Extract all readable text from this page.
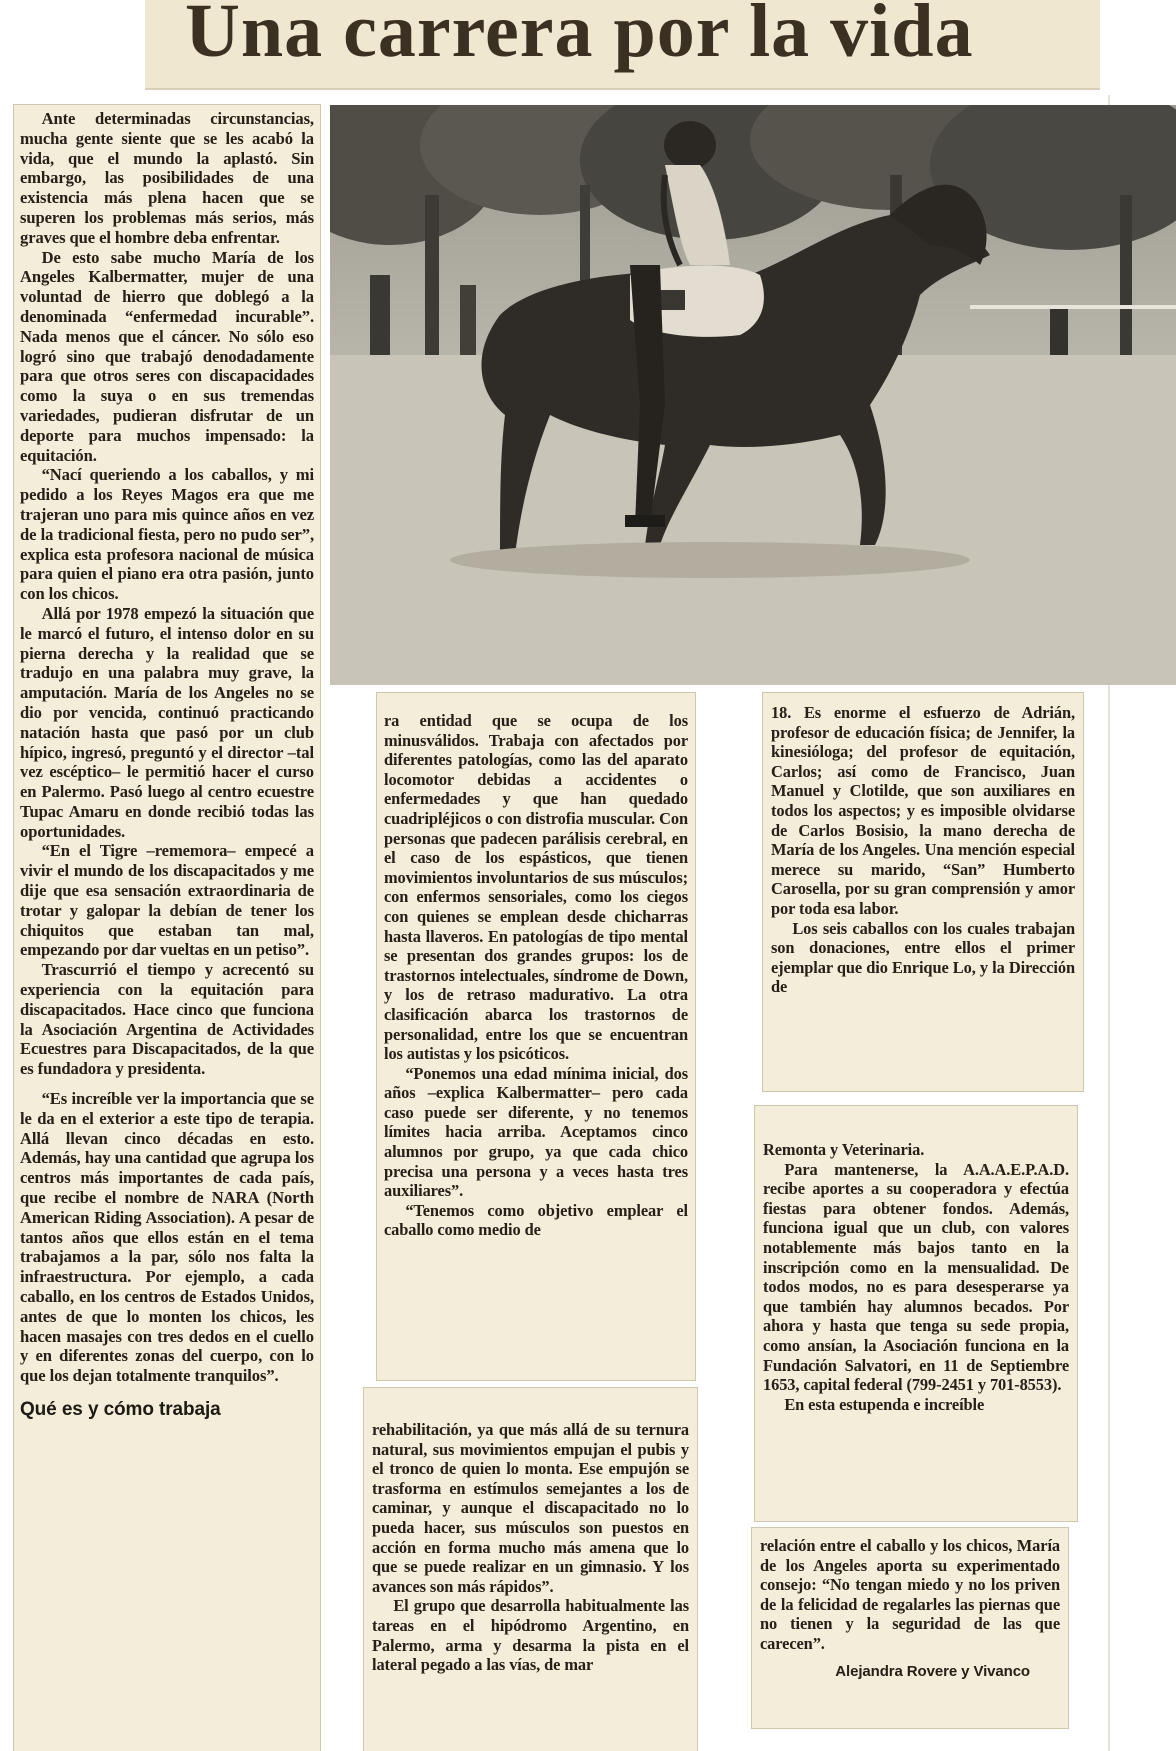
Una carrera por la vida

Ante determinadas circunstancias, mucha gente siente que se les acabó la vida, que el mundo la aplastó. Sin embargo, las posibilidades de una existencia más plena hacen que se superen los problemas más serios, más graves que el hombre deba enfrentar.

De esto sabe mucho María de los Angeles Kalbermatter, mujer de una voluntad de hierro que doblegó a la denominada “enfermedad incurable”. Nada menos que el cáncer. No sólo eso logró sino que trabajó denodadamente para que otros seres con discapacidades como la suya o en sus tremendas variedades, pudieran disfrutar de un deporte para muchos impensado: la equitación.

“Nací queriendo a los caballos, y mi pedido a los Reyes Magos era que me trajeran uno para mis quince años en vez de la tradicional fiesta, pero no pudo ser”, explica esta profesora nacional de música para quien el piano era otra pasión, junto con los chicos.

Allá por 1978 empezó la situación que le marcó el futuro, el intenso dolor en su pierna derecha y la realidad que se tradujo en una palabra muy grave, la amputación. María de los Angeles no se dio por vencida, continuó practicando natación hasta que pasó por un club hípico, ingresó, preguntó y el director –tal vez escéptico– le permitió hacer el curso en Palermo. Pasó luego al centro ecuestre Tupac Amaru en donde recibió todas las oportunidades.

“En el Tigre –rememora– empecé a vivir el mundo de los discapacitados y me dije que esa sensación extraordinaria de trotar y galopar la debían de tener los chiquitos que estaban tan mal, empezando por dar vueltas en un petiso”.

Trascurrió el tiempo y acrecentó su experiencia con la equitación para discapacitados. Hace cinco que funciona la Asociación Argentina de Actividades Ecuestres para Discapacitados, de la que es fundadora y presidenta.

“Es increíble ver la importancia que se le da en el exterior a este tipo de terapia. Allá llevan cinco décadas en esto. Además, hay una cantidad que agrupa los centros más importantes de cada país, que recibe el nombre de NARA (North American Riding Association). A pesar de tantos años que ellos están en el tema trabajamos a la par, sólo nos falta la infraestructura. Por ejemplo, a cada caballo, en los centros de Estados Unidos, antes de que lo monten los chicos, les hacen masajes con tres dedos en el cuello y en diferentes zonas del cuerpo, con lo que los dejan totalmente tranquilos”.

Qué es y cómo trabaja

ra entidad que se ocupa de los minusválidos. Trabaja con afectados por diferentes patologías, como las del aparato locomotor debidas a accidentes o enfermedades y que han quedado cuadripléjicos o con distrofia muscular. Con personas que padecen parálisis cerebral, en el caso de los espásticos, que tienen movimientos involuntarios de sus músculos; con enfermos sensoriales, como los ciegos con quienes se emplean desde chicharras hasta llaveros. En patologías de tipo mental se presentan dos grandes grupos: los de trastornos intelectuales, síndrome de Down, y los de retraso madurativo. La otra clasificación abarca los trastornos de personalidad, entre los que se encuentran los autistas y los psicóticos.

“Ponemos una edad mínima inicial, dos años –explica Kalbermatter– pero cada caso puede ser diferente, y no tenemos límites hacia arriba. Aceptamos cinco alumnos por grupo, ya que cada chico precisa una persona y a veces hasta tres auxiliares”.

“Tenemos como objetivo emplear el caballo como medio de

rehabilitación, ya que más allá de su ternura natural, sus movimientos empujan el pubis y el tronco de quien lo monta. Ese empujón se trasforma en estímulos semejantes a los de caminar, y aunque el discapacitado no lo pueda hacer, sus músculos son puestos en acción en forma mucho más amena que lo que se puede realizar en un gimnasio. Y los avances son más rápidos”.

El grupo que desarrolla habitualmente las tareas en el hipódromo Argentino, en Palermo, arma y desarma la pista en el lateral pegado a las vías, de mar

18. Es enorme el esfuerzo de Adrián, profesor de educación física; de Jennifer, la kinesióloga; del profesor de equitación, Carlos; así como de Francisco, Juan Manuel y Clotilde, que son auxiliares en todos los aspectos; y es imposible olvidarse de Carlos Bosisio, la mano derecha de María de los Angeles. Una mención especial merece su marido, “San” Humberto Carosella, por su gran comprensión y amor por toda esa labor.

Los seis caballos con los cuales trabajan son donaciones, entre ellos el primer ejemplar que dio Enrique Lo, y la Dirección de

Remonta y Veterinaria.

Para mantenerse, la A.A.A.E.P.A.D. recibe aportes a su cooperadora y efectúa fiestas para obtener fondos. Además, funciona igual que un club, con valores notablemente más bajos tanto en la inscripción como en la mensualidad. De todos modos, no es para desesperarse ya que también hay alumnos becados. Por ahora y hasta que tenga su sede propia, como ansían, la Asociación funciona en la Fundación Salvatori, en 11 de Septiembre 1653, capital federal (799-2451 y 701-8553).

En esta estupenda e increíble

relación entre el caballo y los chicos, María de los Angeles aporta su experimentado consejo: “No tengan miedo y no los priven de la felicidad de regalarles las piernas que no tienen y la seguridad de las que carecen”.

Alejandra Rovere y Vivanco
